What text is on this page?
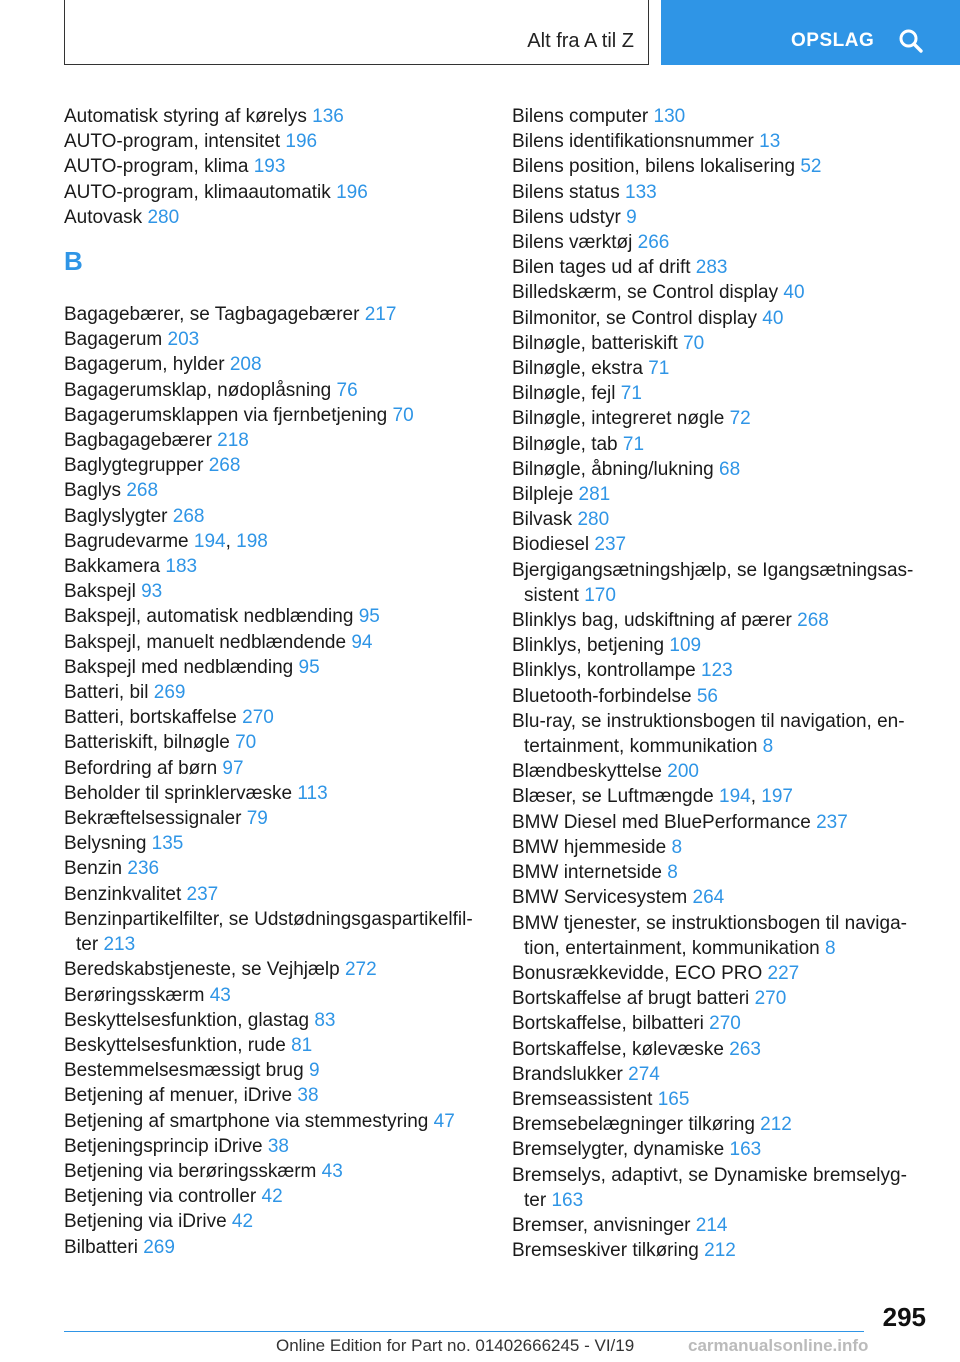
Alt fra A til Z	OPSLAG
Automatisk styring af kørelys 136
AUTO-program, intensitet 196
AUTO-program, klima 193
AUTO-program, klimaautomatik 196
Autovask 280
B
Bagagebærer, se Tagbagagebærer 217
Bagagerum 203
Bagagerum, hylder 208
Bagagerumsklap, nødoplåsning 76
Bagagerumsklappen via fjernbetjening 70
Bagbagagebærer 218
Baglygtegrupper 268
Baglys 268
Baglyslygter 268
Bagrudevarme 194, 198
Bakkamera 183
Bakspejl 93
Bakspejl, automatisk nedblænding 95
Bakspejl, manuelt nedblændende 94
Bakspejl med nedblænding 95
Batteri, bil 269
Batteri, bortskaffelse 270
Batteriskift, bilnøgle 70
Befordring af børn 97
Beholder til sprinklervæske 113
Bekræftelsessignaler 79
Belysning 135
Benzin 236
Benzinkvalitet 237
Benzinpartikelfilter, se Udstødningsgaspartikelfil‐ ter 213
Beredskabstjeneste, se Vejhjælp 272
Berøringsskærm 43
Beskyttelsesfunktion, glastag 83
Beskyttelsesfunktion, rude 81
Bestemmelsesmæssigt brug 9
Betjening af menuer, iDrive 38
Betjening af smartphone via stemmestyring 47
Betjeningsprincip iDrive 38
Betjening via berøringsskærm 43
Betjening via controller 42
Betjening via iDrive 42
Bilbatteri 269
Bilens computer 130
Bilens identifikationsnummer 13
Bilens position, bilens lokalisering 52
Bilens status 133
Bilens udstyr 9
Bilens værktøj 266
Bilen tages ud af drift 283
Billedskærm, se Control display 40
Bilmonitor, se Control display 40
Bilnøgle, batteriskift 70
Bilnøgle, ekstra 71
Bilnøgle, fejl 71
Bilnøgle, integreret nøgle 72
Bilnøgle, tab 71
Bilnøgle, åbning/lukning 68
Bilpleje 281
Bilvask 280
Biodiesel 237
Bjergigangsætningshjælp, se Igangsætningsas‐ sistent 170
Blinklys bag, udskiftning af pærer 268
Blinklys, betjening 109
Blinklys, kontrollampe 123
Bluetooth-forbindelse 56
Blu-ray, se instruktionsbogen til navigation, en‐ tertainment, kommunikation 8
Blændbeskyttelse 200
Blæser, se Luftmængde 194, 197
BMW Diesel med BluePerformance 237
BMW hjemmeside 8
BMW internetside 8
BMW Servicesystem 264
BMW tjenester, se instruktionsbogen til naviga‐ tion, entertainment, kommunikation 8
Bonusrækkevidde, ECO PRO 227
Bortskaffelse af brugt batteri 270
Bortskaffelse, bilbatteri 270
Bortskaffelse, kølevæske 263
Brandslukker 274
Bremseassistent 165
Bremsebelægninger tilkøring 212
Bremselygter, dynamiske 163
Bremselys, adaptivt, se Dynamiske bremselyg‐ ter 163
Bremser, anvisninger 214
Bremseskiver tilkøring 212
295
Online Edition for Part no. 01402666245 - VI/19	carmanualsonline.info
